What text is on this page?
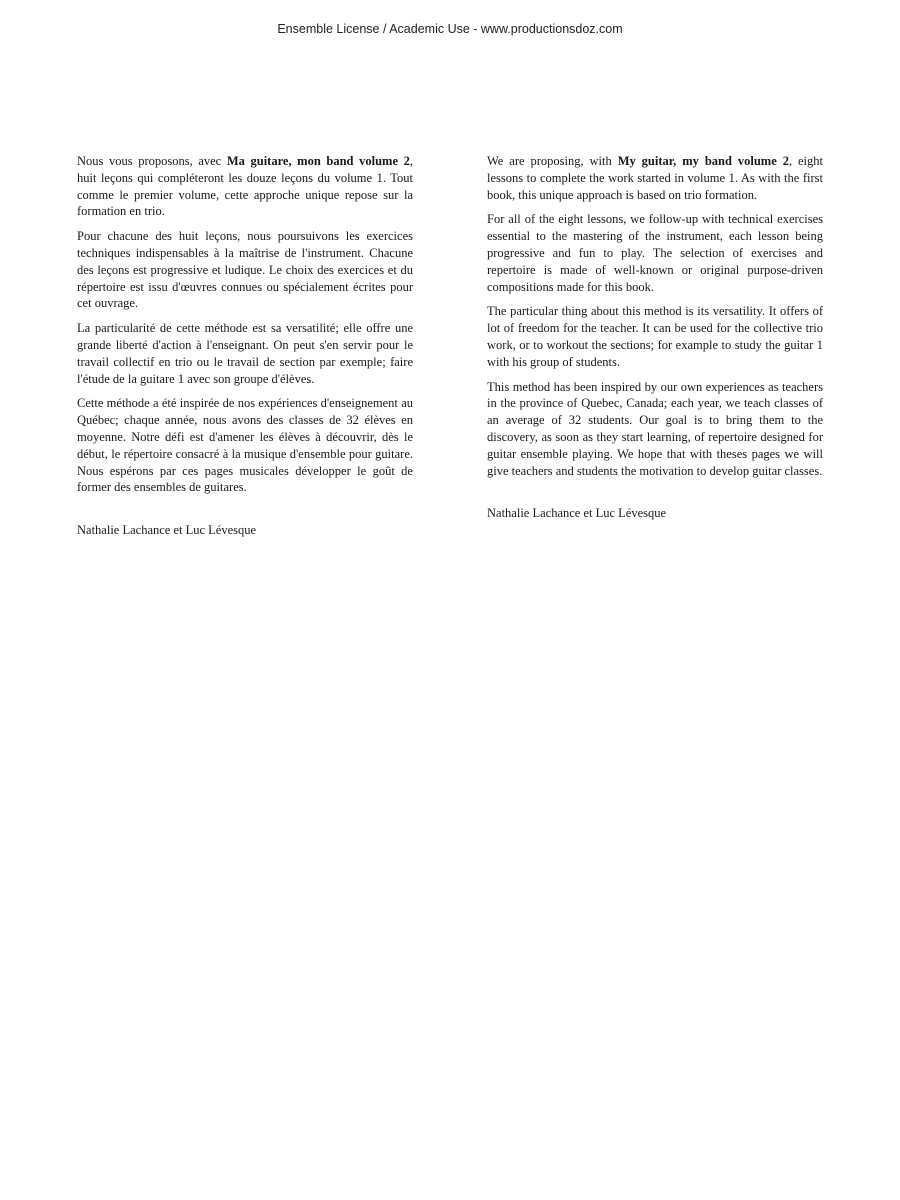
Ensemble License / Academic Use - www.productionsdoz.com

Nous vous proposons, avec Ma guitare, mon band volume 2, huit leçons qui compléteront les douze leçons du volume 1. Tout comme le premier volume, cette approche unique repose sur la formation en trio.

Pour chacune des huit leçons, nous poursuivons les exercices techniques indispensables à la maîtrise de l'instrument. Chacune des leçons est progressive et ludique. Le choix des exercices et du répertoire est issu d'œuvres connues ou spécialement écrites pour cet ouvrage.

La particularité de cette méthode est sa versatilité; elle offre une grande liberté d'action à l'enseignant. On peut s'en servir pour le travail collectif en trio ou le travail de section par exemple; faire l'étude de la guitare 1 avec son groupe d'élèves.

Cette méthode a été inspirée de nos expériences d'enseignement au Québec; chaque année, nous avons des classes de 32 élèves en moyenne. Notre défi est d'amener les élèves à découvrir, dès le début, le répertoire consacré à la musique d'ensemble pour guitare. Nous espérons par ces pages musicales développer le goût de former des ensembles de guitares.

Nathalie Lachance et Luc Lévesque

We are proposing, with My guitar, my band volume 2, eight lessons to complete the work started in volume 1. As with the first book, this unique approach is based on trio formation.

For all of the eight lessons, we follow-up with technical exercises essential to the mastering of the instrument, each lesson being progressive and fun to play. The selection of exercises and repertoire is made of well-known or original purpose-driven compositions made for this book.

The particular thing about this method is its versatility. It offers of lot of freedom for the teacher. It can be used for the collective trio work, or to workout the sections; for example to study the guitar 1 with his group of students.

This method has been inspired by our own experiences as teachers in the province of Quebec, Canada; each year, we teach classes of an average of 32 students. Our goal is to bring them to the discovery, as soon as they start learning, of repertoire designed for guitar ensemble playing. We hope that with theses pages we will give teachers and students the motivation to develop guitar classes.

Nathalie Lachance et Luc Lévesque
